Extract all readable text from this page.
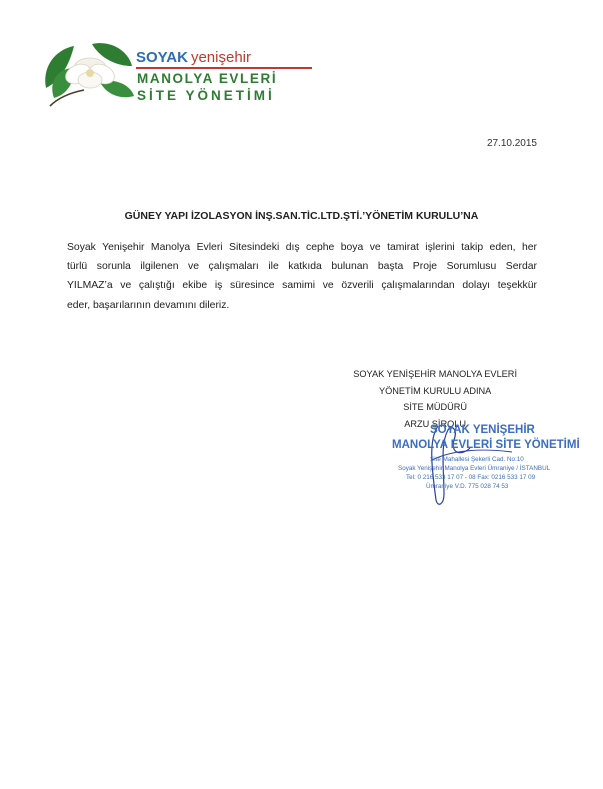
SOYAK yenişehir
MANOLYA EVLERİ
SİTE YÖNETİMİ
27.10.2015
GÜNEY YAPI İZOLASYON İNŞ.SAN.TİC.LTD.ŞTİ.’YÖNETİM KURULU’NA
Soyak Yenişehir Manolya Evleri Sitesindeki dış cephe boya ve tamirat işlerini takip eden, her
türlü sorunla ilgilenen ve çalışmaları ile katkıda bulunan başta Proje Sorumlusu Serdar
YILMAZ’a ve çalıştığı ekibe iş süresince samimi ve özverili çalışmalarından dolayı teşekkür
eder, başarılarının devamını dileriz.
SOYAK YENİŞEHİR MANOLYA EVLERİ
YÖNETİM KURULU ADINA
SİTE MÜDÜRÜ
ARZU ŞİROLU
SOYAK YENİŞEHİR
MANOLYA EVLERİ SİTE YÖNETİMİ
Site Mahallesi Şekerli Cad. No:10
Soyak Yenişehir Manolya Evleri Ümraniye / İSTANBUL
Tel: 0 216 533 17 07 - 08 Fax: 0216 533 17 09
Ümraniye V.D. 775 028 74 53
